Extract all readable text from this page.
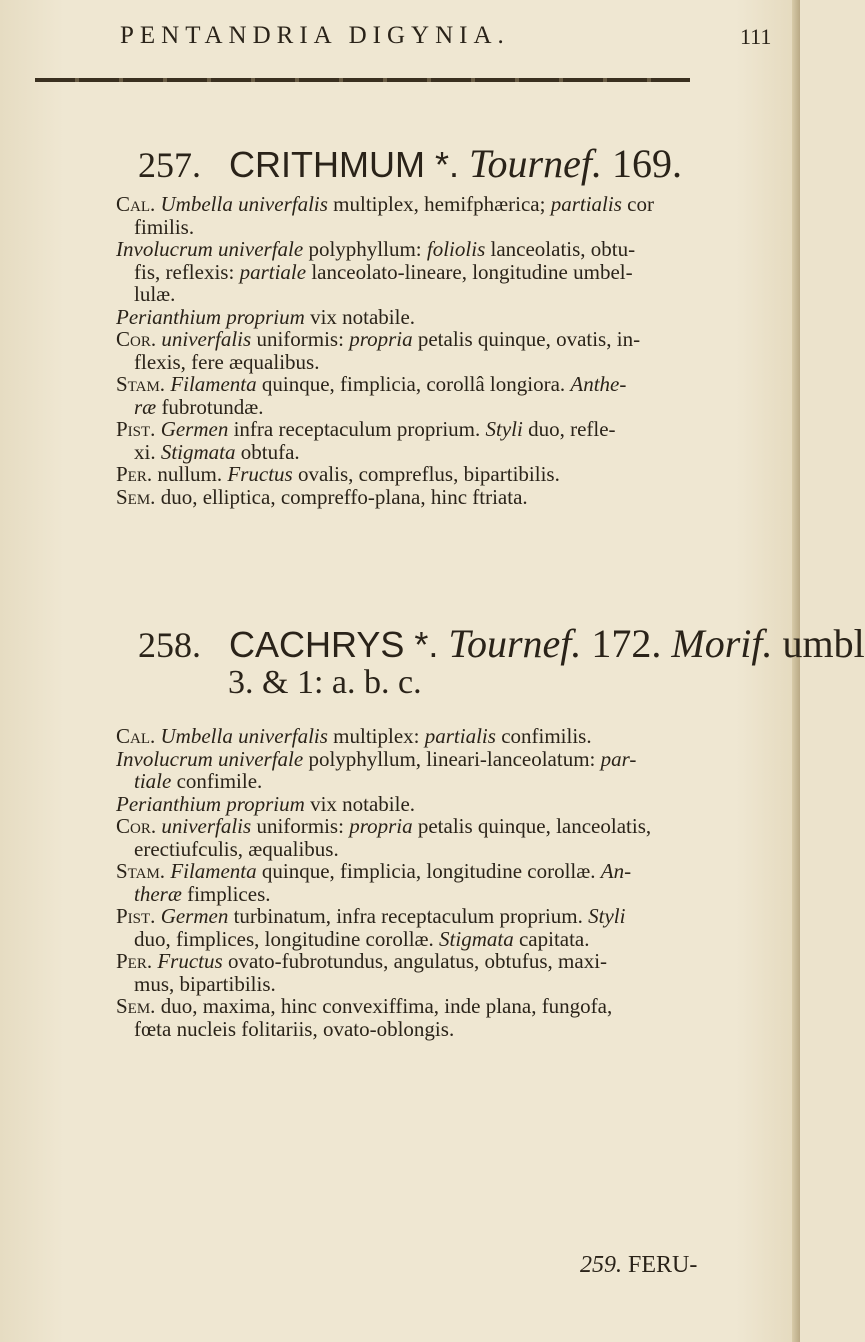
PENTANDRIA DIGYNIA.	111
257. CRITHMUM *. Tournef. 169.
Cal. Umbella univerfalis multiplex, hemifphærica; partialis cor
fimilis.
Involucrum univerfale polyphyllum: foliolis lanceolatis, obtu-
fis, reflexis: partiale lanceolato-lineare, longitudine umbel-
lulæ.
Perianthium proprium vix notabile.
Cor. univerfalis uniformis: propria petalis quinque, ovatis, in-
flexis, fere æqualibus.
Stam. Filamenta quinque, fimplicia, corollâ longiora. Anthe-
ræ fubrotundæ.
Pist. Germen infra receptaculum proprium. Styli duo, refle-
xi. Stigmata obtufa.
Per. nullum. Fructus ovalis, compreflus, bipartibilis.
Sem. duo, elliptica, compreffo-plana, hinc ftriata.
258. CACHRYS *. Tournef. 172. Morif. umbl
3. & 1: a. b. c.
Cal. Umbella univerfalis multiplex: partialis confimilis.
Involucrum univerfale polyphyllum, lineari-lanceolatum: par-
tiale confimile.
Perianthium proprium vix notabile.
Cor. univerfalis uniformis: propria petalis quinque, lanceolatis,
erectiufculis, æqualibus.
Stam. Filamenta quinque, fimplicia, longitudine corollæ. An-
theræ fimplices.
Pist. Germen turbinatum, infra receptaculum proprium. Styli
duo, fimplices, longitudine corollæ. Stigmata capitata.
Per. Fructus ovato-fubrotundus, angulatus, obtufus, maxi-
mus, bipartibilis.
Sem. duo, maxima, hinc convexiffima, inde plana, fungofa,
fœta nucleis folitariis, ovato-oblongis.
259. FERU-
